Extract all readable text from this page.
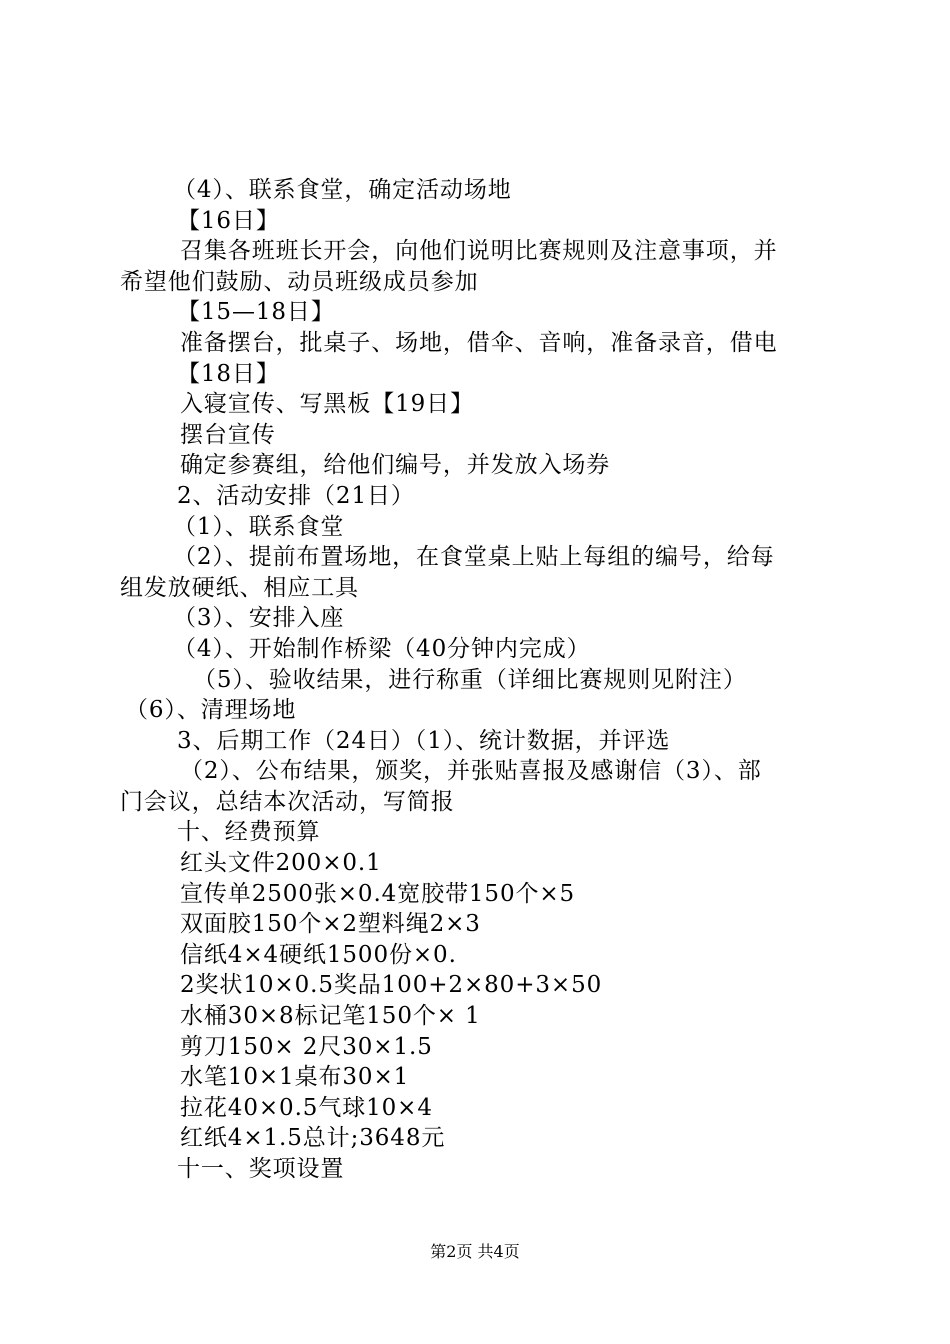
（4）、联系食堂，确定活动场地
【16日】
召集各班班长开会，向他们说明比赛规则及注意事项，并
希望他们鼓励、动员班级成员参加
【15—18日】
准备摆台，批桌子、场地，借伞、音响，准备录音，借电
【18日】
入寝宣传、写黑板【19日】
摆台宣传
确定参赛组，给他们编号，并发放入场券
2、活动安排（21日）
（1）、联系食堂
（2）、提前布置场地，在食堂桌上贴上每组的编号，给每
组发放硬纸、相应工具
（3）、安排入座
（4）、开始制作桥梁（40分钟内完成）
（5）、验收结果，进行称重（详细比赛规则见附注）
（6）、清理场地
3、后期工作（24日）（1）、统计数据，并评选
（2）、公布结果，颁奖，并张贴喜报及感谢信（3）、部
门会议，总结本次活动，写简报
十、经费预算
红头文件200×0.1
宣传单2500张×0.4宽胶带150个×5
双面胶150个×2塑料绳2×3
信纸4×4硬纸1500份×0.
2奖状10×0.5奖品100+2×80+3×50
水桶30×8标记笔150个× 1
剪刀150× 2尺30×1.5
水笔10×1桌布30×1
拉花40×0.5气球10×4
红纸4×1.5总计;3648元
十一、奖项设置
第2页 共4页
